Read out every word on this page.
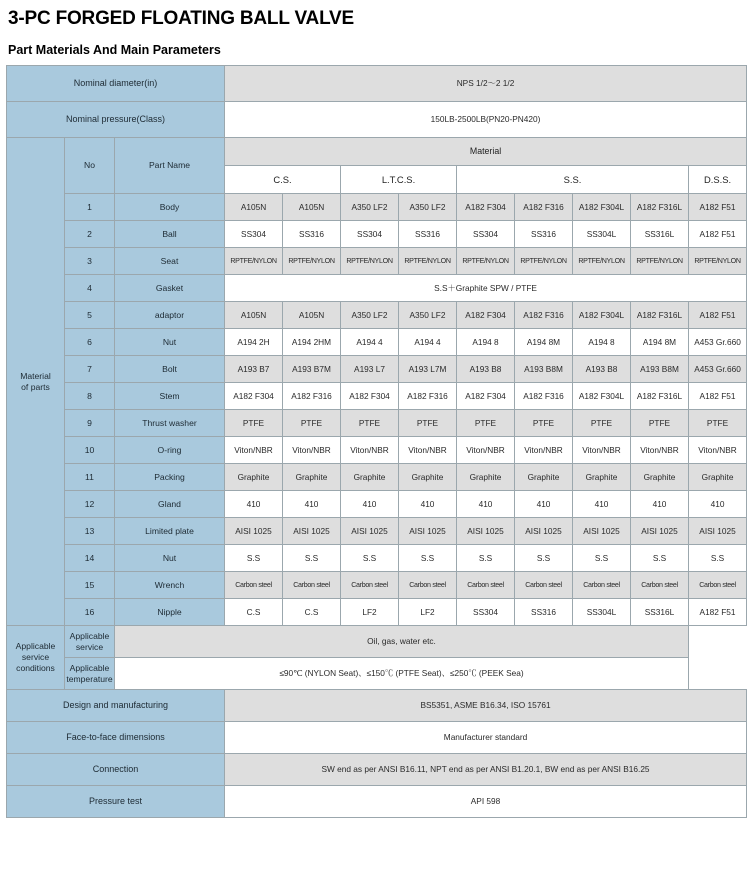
3-PC FORGED FLOATING BALL VALVE
Part Materials And Main Parameters
Nominal diameter(in)			NPS 1/2～2 1/2								
Nominal pressure(Class)			150LB-2500LB(PN20-PN420)								
Material
of parts	No	Part Name	Material								
			C.S.		L.T.C.S.		S.S.				D.S.S.
	1	Body	A105N	A105N	A350 LF2	A350 LF2	A182 F304	A182 F316	A182 F304L	A182 F316L	A182 F51
	2	Ball	SS304	SS316	SS304	SS316	SS304	SS316	SS304L	SS316L	A182 F51
	3	Seat	RPTFE/NYLON	RPTFE/NYLON	RPTFE/NYLON	RPTFE/NYLON	RPTFE/NYLON	RPTFE/NYLON	RPTFE/NYLON	RPTFE/NYLON	RPTFE/NYLON
	4	Gasket	S.S＋Graphite SPW / PTFE								
	5	adaptor	A105N	A105N	A350 LF2	A350 LF2	A182 F304	A182 F316	A182 F304L	A182 F316L	A182 F51
	6	Nut	A194 2H	A194 2HM	A194 4	A194 4	A194 8	A194 8M	A194 8	A194 8M	A453 Gr.660
	7	Bolt	A193 B7	A193 B7M	A193 L7	A193 L7M	A193 B8	A193 B8M	A193 B8	A193 B8M	A453 Gr.660
	8	Stem	A182 F304	A182 F316	A182 F304	A182 F316	A182 F304	A182 F316	A182 F304L	A182 F316L	A182 F51
	9	Thrust washer	PTFE	PTFE	PTFE	PTFE	PTFE	PTFE	PTFE	PTFE	PTFE
	10	O-ring	Viton/NBR	Viton/NBR	Viton/NBR	Viton/NBR	Viton/NBR	Viton/NBR	Viton/NBR	Viton/NBR	Viton/NBR
	11	Packing	Graphite	Graphite	Graphite	Graphite	Graphite	Graphite	Graphite	Graphite	Graphite
	12	Gland	410	410	410	410	410	410	410	410	410
	13	Limited plate	AISI 1025	AISI 1025	AISI 1025	AISI 1025	AISI 1025	AISI 1025	AISI 1025	AISI 1025	AISI 1025
	14	Nut	S.S	S.S	S.S	S.S	S.S	S.S	S.S	S.S	S.S
	15	Wrench	Carbon steel	Carbon steel	Carbon steel	Carbon steel	Carbon steel	Carbon steel	Carbon steel	Carbon steel	Carbon steel
	16	Nipple	C.S	C.S	LF2	LF2	SS304	SS316	SS304L	SS316L	A182 F51
Applicable service
conditions	Applicable service	Oil, gas, water etc.									
	Applicable temperature	≤90℃ (NYLON Seat)、≤150℃ (PTFE Seat)、≤250℃ (PEEK Sea)									
Design and manufacturing			BS5351, ASME B16.34, ISO 15761								
Face-to-face dimensions			Manufacturer standard								
Connection			SW end as per ANSI B16.11, NPT end as per ANSI B1.20.1, BW end as per ANSI B16.25								
Pressure test			API 598								
